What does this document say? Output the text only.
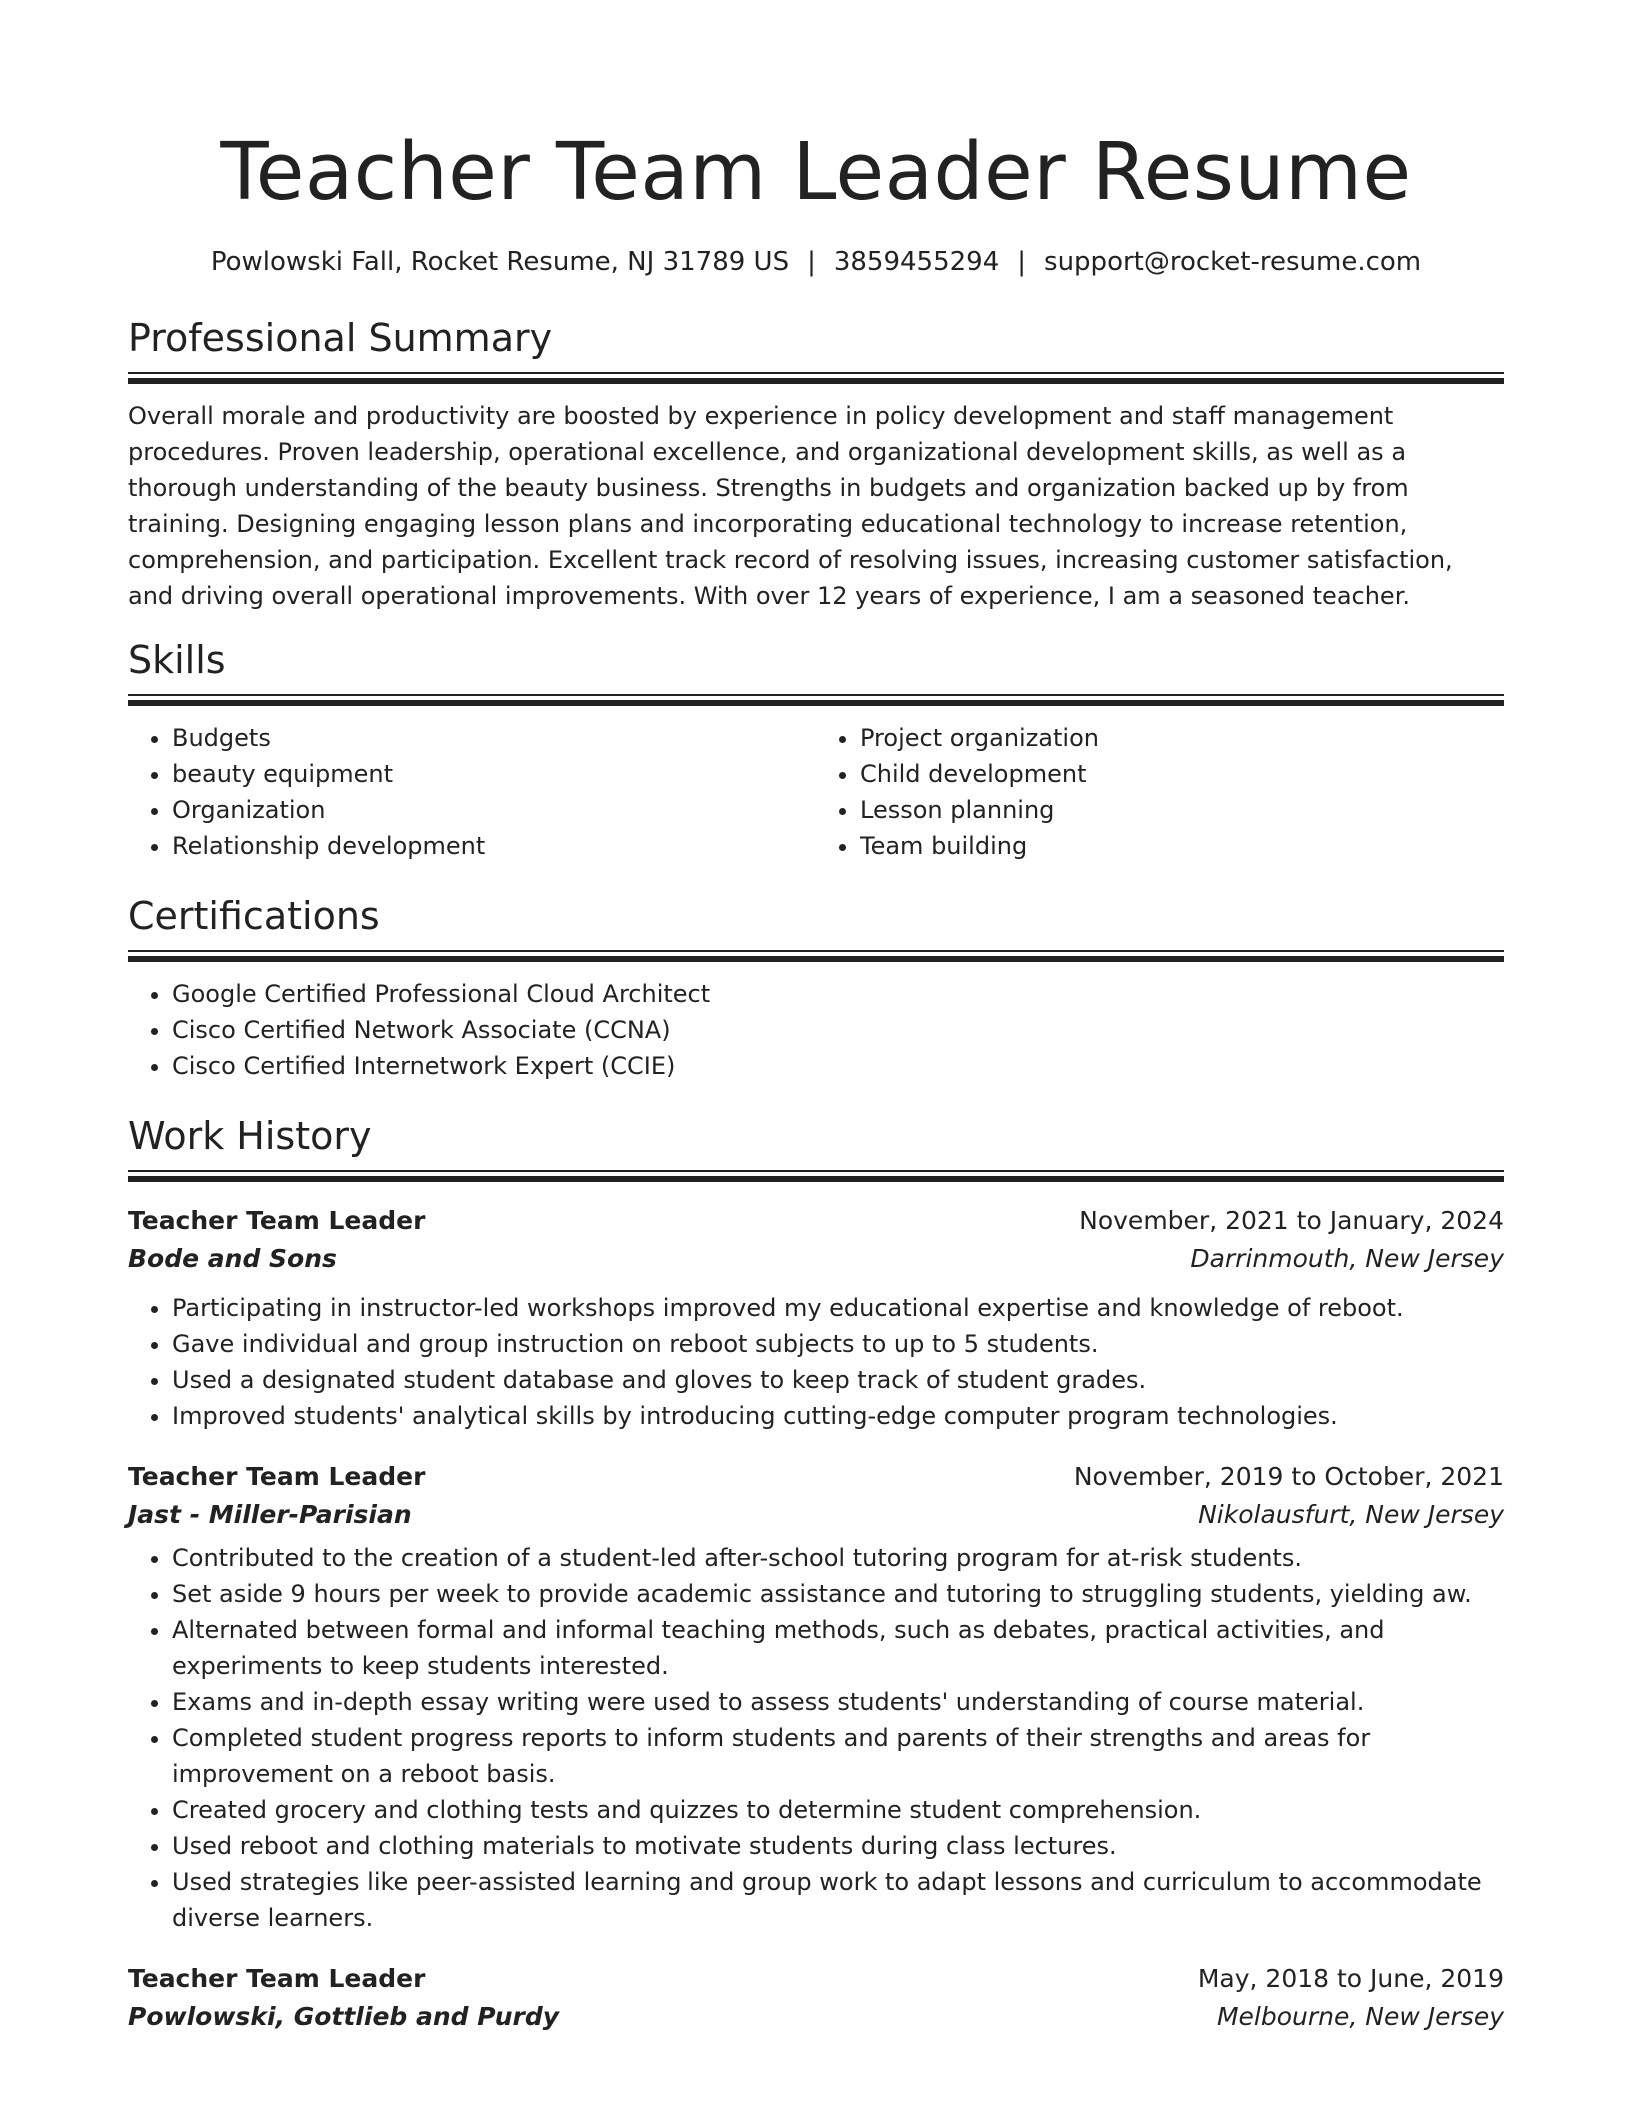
Teacher Team Leader Resume
Powlowski Fall, Rocket Resume, NJ 31789 US | 3859455294 | support@rocket-resume.com
Professional Summary

Overall morale and productivity are boosted by experience in policy development and staff management procedures. Proven leadership, operational excellence, and organizational development skills, as well as a thorough understanding of the beauty business. Strengths in budgets and organization backed up by from training. Designing engaging lesson plans and incorporating educational technology to increase retention, comprehension, and participation. Excellent track record of resolving issues, increasing customer satisfaction, and driving overall operational improvements. With over 12 years of experience, I am a seasoned teacher.

Skills
• Budgets
• beauty equipment
• Organization
• Relationship development
• Project organization
• Child development
• Lesson planning
• Team building
Certifications
• Google Certified Professional Cloud Architect
• Cisco Certified Network Associate (CCNA)
• Cisco Certified Internetwork Expert (CCIE)
Work History
Teacher Team Leader	November, 2021 to January, 2024
Bode and Sons	Darrinmouth, New Jersey
• Participating in instructor-led workshops improved my educational expertise and knowledge of reboot.
• Gave individual and group instruction on reboot subjects to up to 5 students.
• Used a designated student database and gloves to keep track of student grades.
• Improved students' analytical skills by introducing cutting-edge computer program technologies.
Teacher Team Leader	November, 2019 to October, 2021
Jast - Miller-Parisian	Nikolausfurt, New Jersey
• Contributed to the creation of a student-led after-school tutoring program for at-risk students.
• Set aside 9 hours per week to provide academic assistance and tutoring to struggling students, yielding aw.
• Alternated between formal and informal teaching methods, such as debates, practical activities, and experiments to keep students interested.
• Exams and in-depth essay writing were used to assess students' understanding of course material.
• Completed student progress reports to inform students and parents of their strengths and areas for improvement on a reboot basis.
• Created grocery and clothing tests and quizzes to determine student comprehension.
• Used reboot and clothing materials to motivate students during class lectures.
• Used strategies like peer-assisted learning and group work to adapt lessons and curriculum to accommodate diverse learners.
Teacher Team Leader	May, 2018 to June, 2019
Powlowski, Gottlieb and Purdy	Melbourne, New Jersey
